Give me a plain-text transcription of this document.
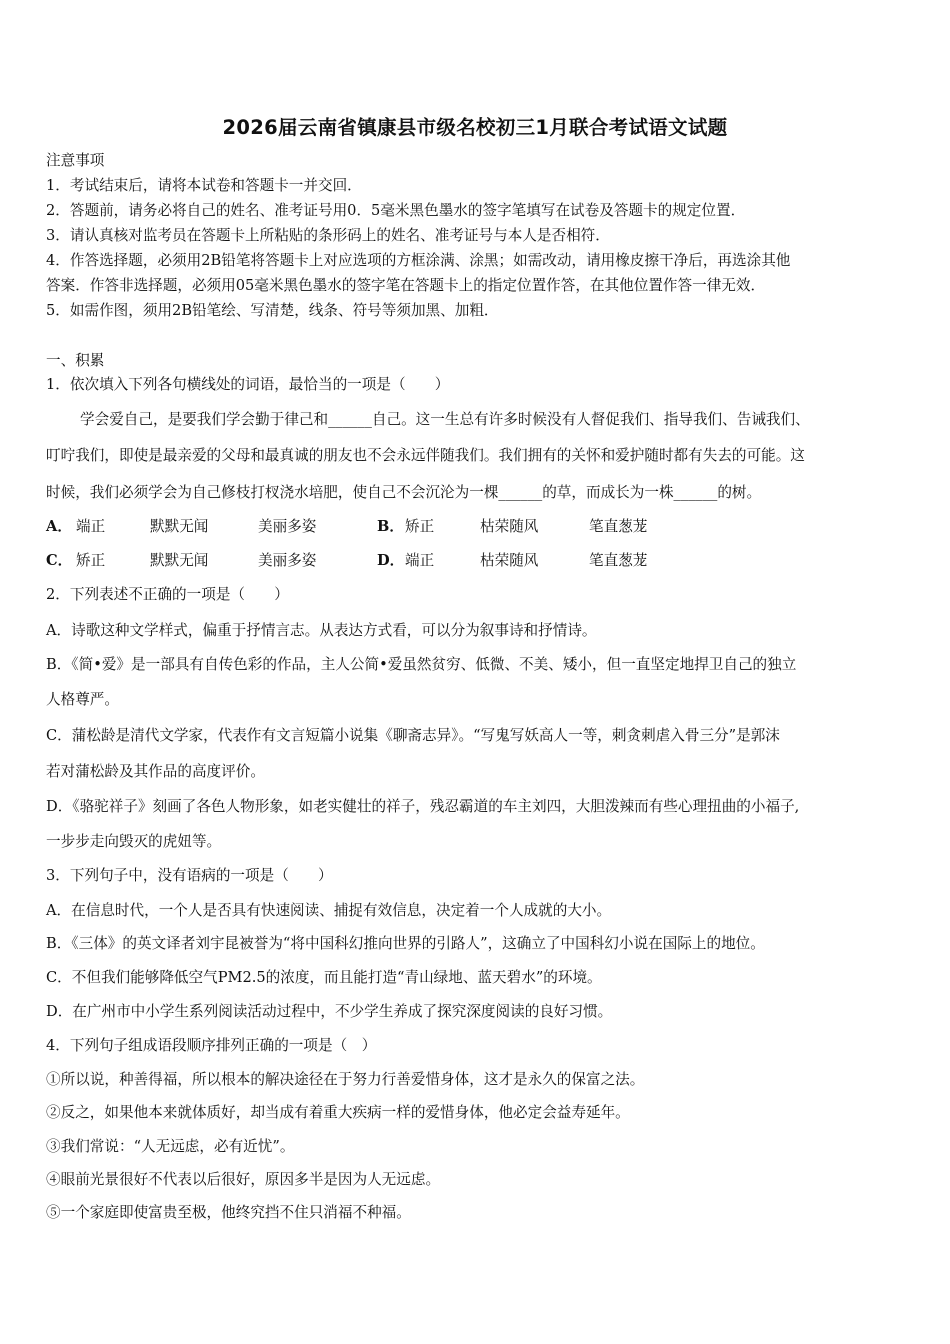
2026届云南省镇康县市级名校初三1月联合考试语文试题
注意事项
1．考试结束后，请将本试卷和答题卡一并交回．
2．答题前，请务必将自己的姓名、准考证号用0．5毫米黑色墨水的签字笔填写在试卷及答题卡的规定位置．
3．请认真核对监考员在答题卡上所粘贴的条形码上的姓名、准考证号与本人是否相符．
4．作答选择题，必须用2B铅笔将答题卡上对应选项的方框涂满、涂黑；如需改动，请用橡皮擦干净后，再选涂其他
答案．作答非选择题，必须用05毫米黑色墨水的签字笔在答题卡上的指定位置作答，在其他位置作答一律无效．
5．如需作图，须用2B铅笔绘、写清楚，线条、符号等须加黑、加粗．
一、积累
1．依次填入下列各句横线处的词语，最恰当的一项是（　　）
学会爱自己，是要我们学会勤于律己和______自己。这一生总有许多时候没有人督促我们、指导我们、告诫我们、
叮咛我们，即使是最亲爱的父母和最真诚的朋友也不会永远伴随我们。我们拥有的关怀和爱护随时都有失去的可能。这
时候，我们必须学会为自己修枝打杈浇水培肥，使自己不会沉沦为一棵______的草，而成长为一株______的树。
A． 端正	默默无闻	美丽多姿	B． 矫正	枯荣随风	笔直葱茏
C． 矫正	默默无闻	美丽多姿	D． 端正	枯荣随风	笔直葱茏
2．下列表述不正确的一项是（　　）
A．诗歌这种文学样式，偏重于抒情言志。从表达方式看，可以分为叙事诗和抒情诗。
B．《简•爱》是一部具有自传色彩的作品，主人公简•爱虽然贫穷、低微、不美、矮小，但一直坚定地捍卫自己的独立
人格尊严。
C．蒲松龄是清代文学家，代表作有文言短篇小说集《聊斋志异》。“写鬼写妖高人一等，刺贪刺虐入骨三分”是郭沫
若对蒲松龄及其作品的高度评价。
D．《骆驼祥子》刻画了各色人物形象，如老实健壮的祥子，残忍霸道的车主刘四，大胆泼辣而有些心理扭曲的小福子,
一步步走向毁灭的虎妞等。
3．下列句子中，没有语病的一项是（　　）
A．在信息时代，一个人是否具有快速阅读、捕捉有效信息，决定着一个人成就的大小。
B．《三体》的英文译者刘宇昆被誉为“将中国科幻推向世界的引路人”，这确立了中国科幻小说在国际上的地位。
C．不但我们能够降低空气PM2.5的浓度，而且能打造“青山绿地、蓝天碧水”的环境。
D．在广州市中小学生系列阅读活动过程中，不少学生养成了探究深度阅读的良好习惯。
4．下列句子组成语段顺序排列正确的一项是（　）
①所以说，种善得福，所以根本的解决途径在于努力行善爱惜身体，这才是永久的保富之法。
②反之，如果他本来就体质好，却当成有着重大疾病一样的爱惜身体，他必定会益寿延年。
③我们常说：“人无远虑，必有近忧”。
④眼前光景很好不代表以后很好，原因多半是因为人无远虑。
⑤一个家庭即使富贵至极，他终究挡不住只消福不种福。
